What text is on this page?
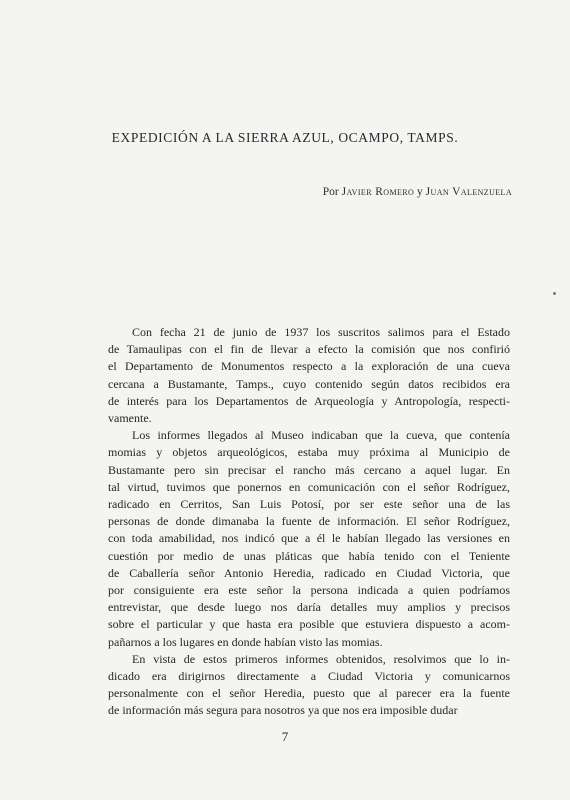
EXPEDICIÓN A LA SIERRA AZUL, OCAMPO, TAMPS.
Por Javier Romero y Juan Valenzuela

Con fecha 21 de junio de 1937 los suscritos salimos para el Estado
de Tamaulipas con el fin de llevar a efecto la comisión que nos confirió
el Departamento de Monumentos respecto a la exploración de una cueva
cercana a Bustamante, Tamps., cuyo contenido según datos recibidos era
de interés para los Departamentos de Arqueología y Antropología, respecti-
vamente.

Los informes llegados al Museo indicaban que la cueva, que contenía
momias y objetos arqueológicos, estaba muy próxima al Municipio de
Bustamante pero sin precisar el rancho más cercano a aquel lugar. En
tal virtud, tuvimos que ponernos en comunicación con el señor Rodríguez,
radicado en Cerritos, San Luis Potosí, por ser este señor una de las
personas de donde dimanaba la fuente de información. El señor Rodríguez,
con toda amabilidad, nos indicó que a él le habían llegado las versiones en
cuestión por medio de unas pláticas que había tenido con el Teniente
de Caballería señor Antonio Heredia, radicado en Ciudad Victoria, que
por consiguiente era este señor la persona indicada a quien podríamos
entrevistar, que desde luego nos daría detalles muy amplios y precisos
sobre el particular y que hasta era posible que estuviera dispuesto a acom-
pañarnos a los lugares en donde habían visto las momias.

En vista de estos primeros informes obtenidos, resolvimos que lo in-
dicado era dirigirnos directamente a Ciudad Victoria y comunicarnos
personalmente con el señor Heredia, puesto que al parecer era la fuente
de información más segura para nosotros ya que nos era imposible dudar

7
